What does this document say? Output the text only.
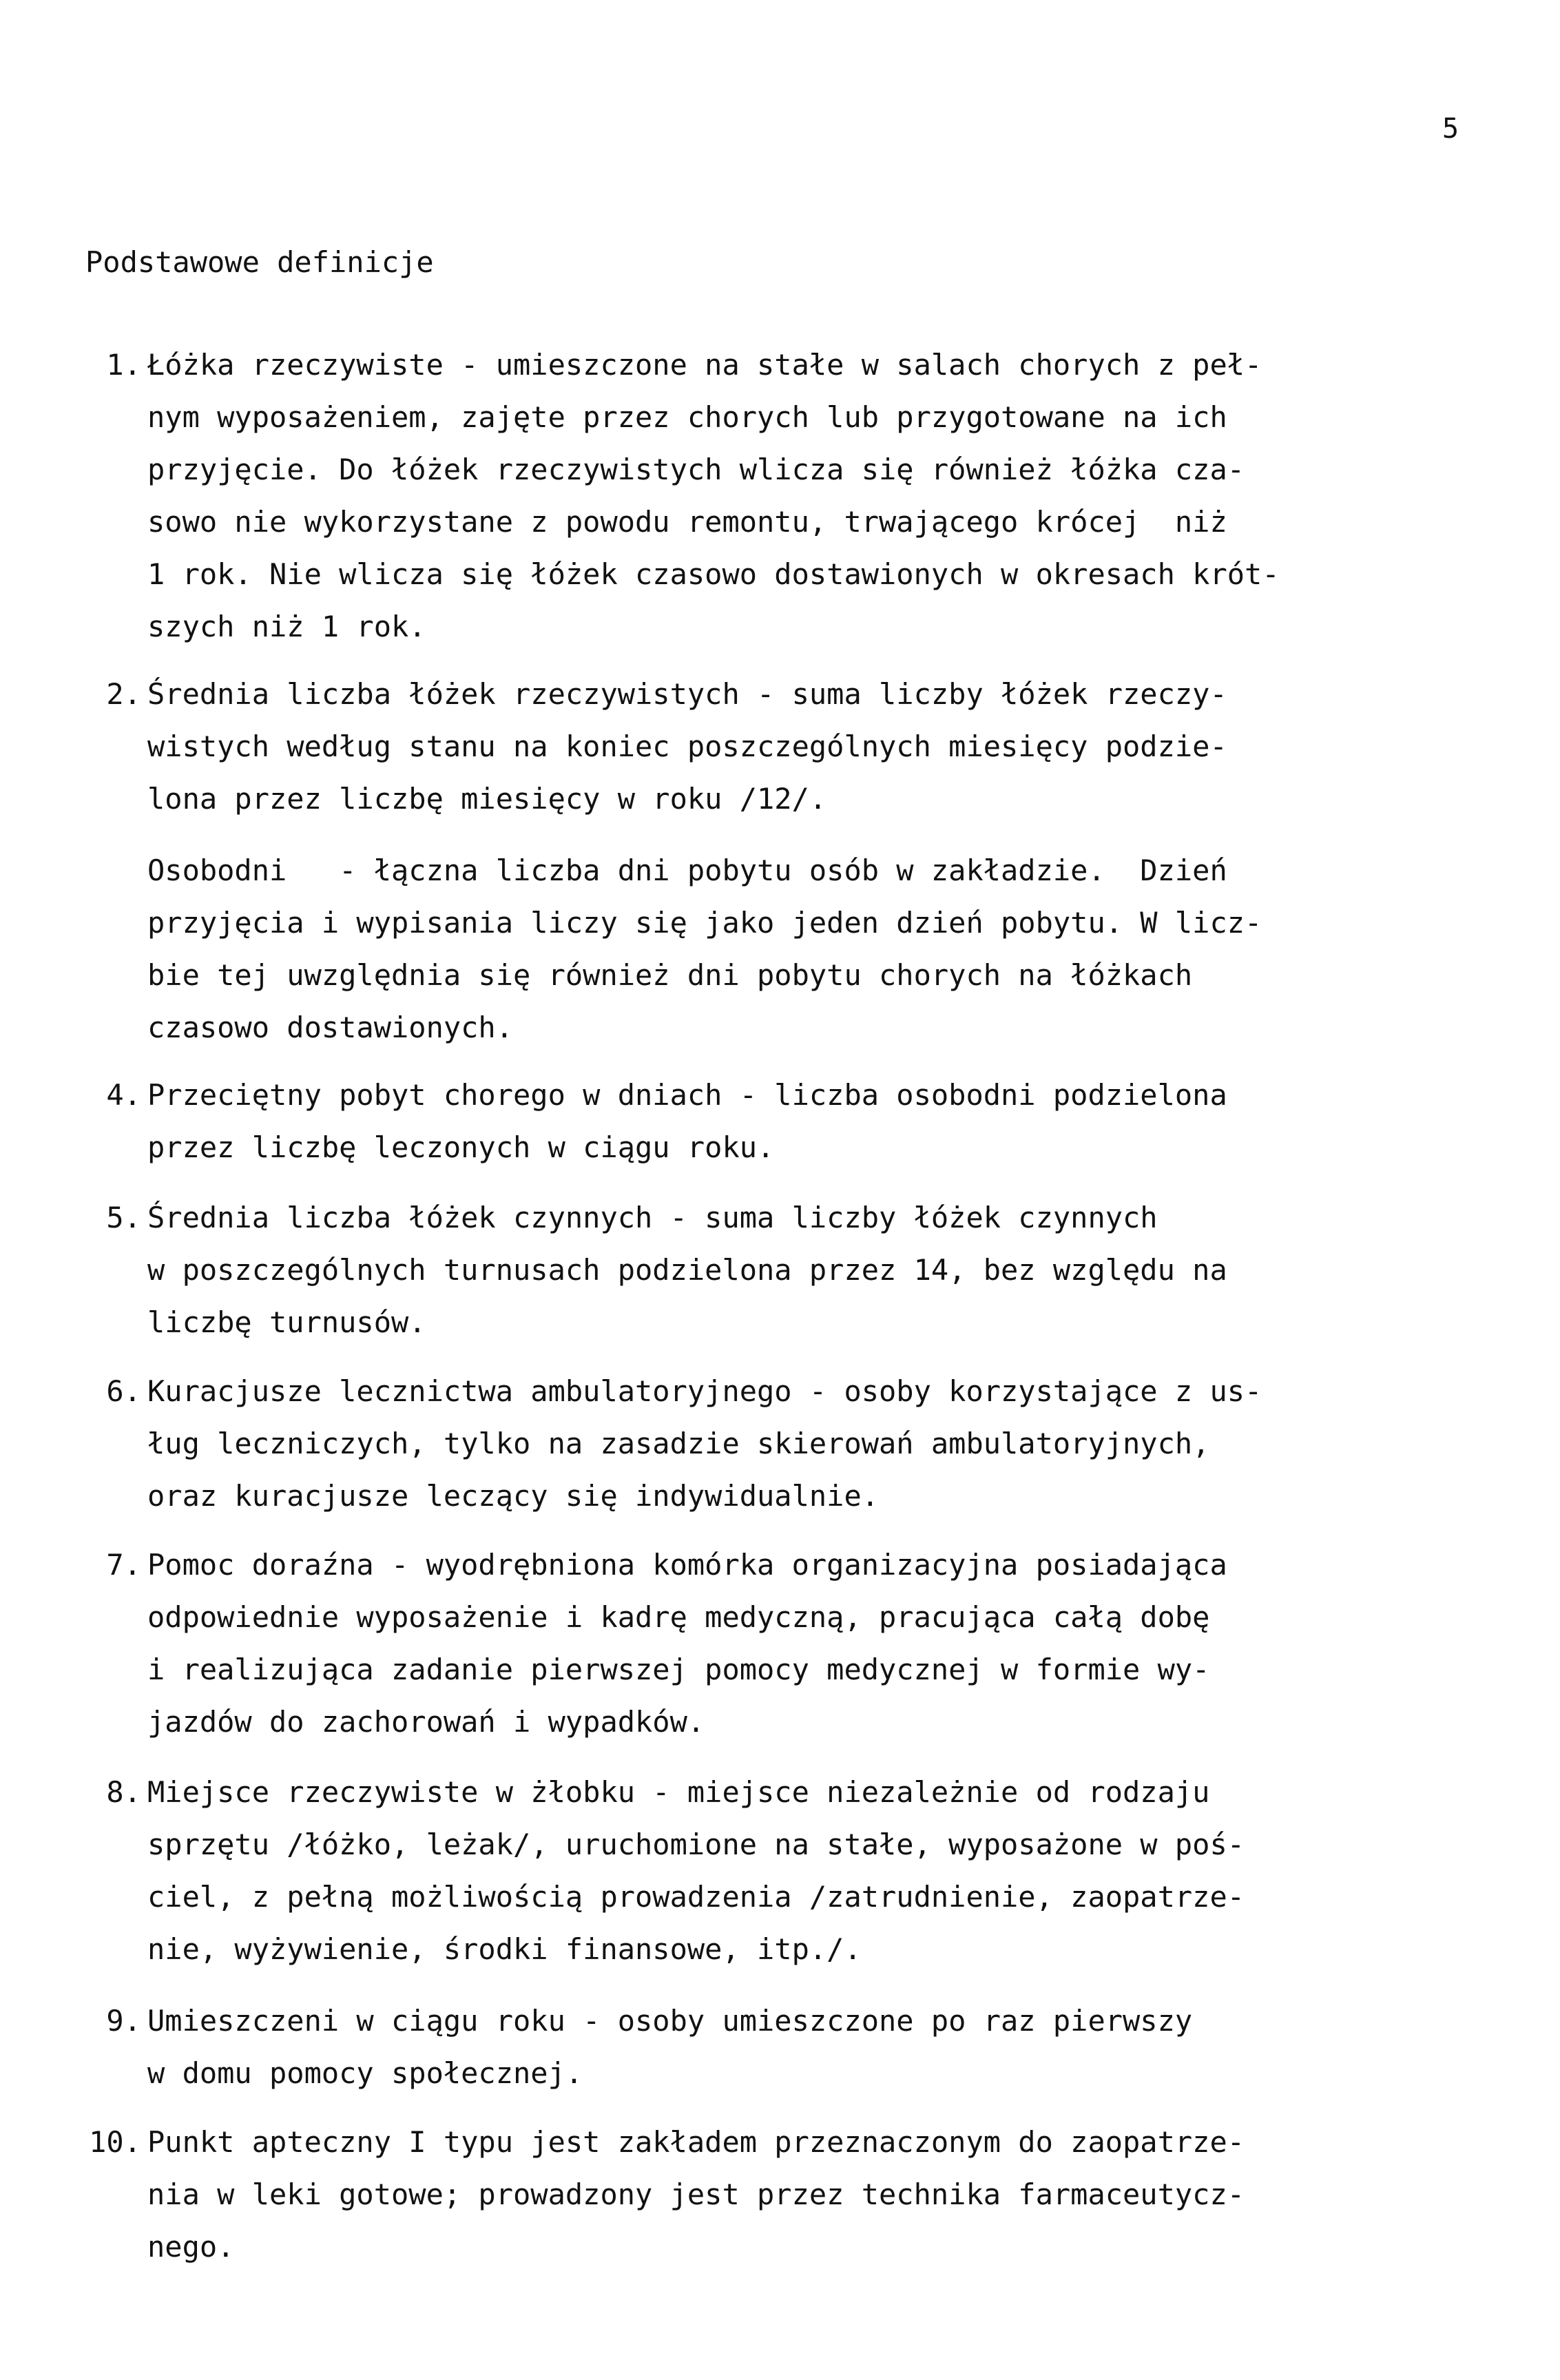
5
Podstawowe definicje
1. Łóżka rzeczywiste - umieszczone na stałe w salach chorych z peł-
nym wyposażeniem, zajęte przez chorych lub przygotowane na ich
przyjęcie. Do łóżek rzeczywistych wlicza się również łóżka cza-
sowo nie wykorzystane z powodu remontu, trwającego krócej  niż
1 rok. Nie wlicza się łóżek czasowo dostawionych w okresach krót-
szych niż 1 rok.
2. Średnia liczba łóżek rzeczywistych - suma liczby łóżek rzeczy-
wistych według stanu na koniec poszczególnych miesięcy podzie-
lona przez liczbę miesięcy w roku /12/.
Osobodni   - łączna liczba dni pobytu osób w zakładzie.  Dzień
przyjęcia i wypisania liczy się jako jeden dzień pobytu. W licz-
bie tej uwzględnia się również dni pobytu chorych na łóżkach
czasowo dostawionych.
4. Przeciętny pobyt chorego w dniach - liczba osobodni podzielona
przez liczbę leczonych w ciągu roku.
5. Średnia liczba łóżek czynnych - suma liczby łóżek czynnych
w poszczególnych turnusach podzielona przez 14, bez względu na
liczbę turnusów.
6. Kuracjusze lecznictwa ambulatoryjnego - osoby korzystające z us-
ług leczniczych, tylko na zasadzie skierowań ambulatoryjnych,
oraz kuracjusze leczący się indywidualnie.
7. Pomoc doraźna - wyodrębniona komórka organizacyjna posiadająca
odpowiednie wyposażenie i kadrę medyczną, pracująca całą dobę
i realizująca zadanie pierwszej pomocy medycznej w formie wy-
jazdów do zachorowań i wypadków.
8. Miejsce rzeczywiste w żłobku - miejsce niezależnie od rodzaju
sprzętu /łóżko, leżak/, uruchomione na stałe, wyposażone w poś-
ciel, z pełną możliwością prowadzenia /zatrudnienie, zaopatrze-
nie, wyżywienie, środki finansowe, itp./.
9. Umieszczeni w ciągu roku - osoby umieszczone po raz pierwszy
w domu pomocy społecznej.
10. Punkt apteczny I typu jest zakładem przeznaczonym do zaopatrze-
nia w leki gotowe; prowadzony jest przez technika farmaceutycz-
nego.
